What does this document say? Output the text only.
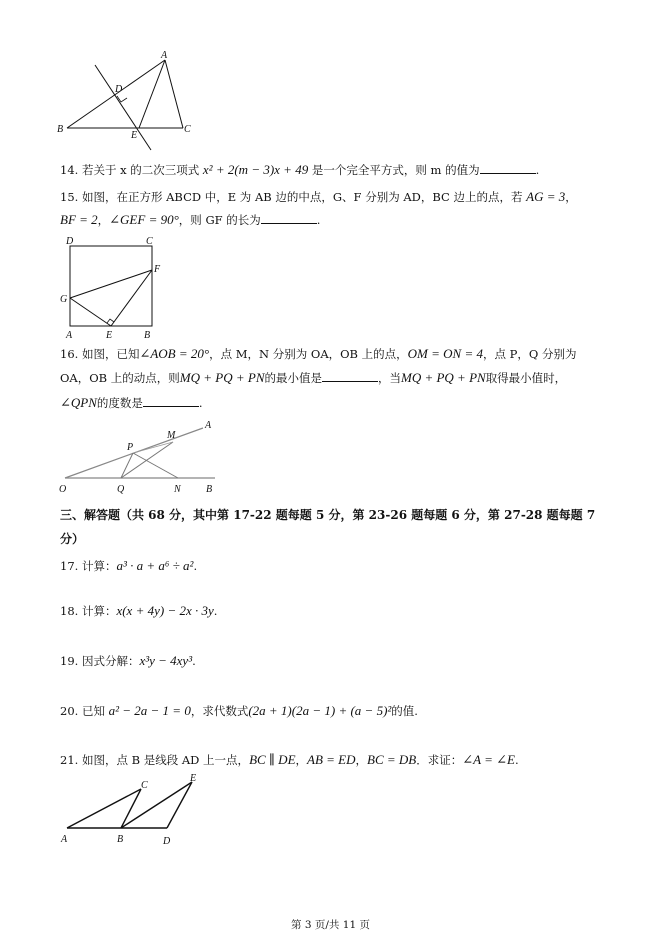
A
B	C
D
E
14. 若关于 x 的二次三项式 x² + 2(m − 3)x + 49 是一个完全平方式，则 m 的值为	.
15. 如图，在正方形 ABCD 中，E 为 AB 边的中点，G、F 分别为 AD，BC 边上的点，若 AG = 3，
BF = 2，∠GEF = 90°，则 GF 的长为	.
D	C
F
G
A	E	B
16. 如图，已知∠AOB = 20°，点 M，N 分别为 OA，OB 上的点，OM = ON = 4，点 P，Q 分别为
OA，OB 上的动点，则MQ + PQ + PN的最小值是	，当MQ + PQ + PN取得最小值时，
∠QPN的度数是	.
O	Q	N	B
P
M
A
三、解答题（共 68 分，其中第 17-22 题每题 5 分，第 23-26 题每题 6 分，第 27-28 题每题 7
分）
17. 计算：a³ · a + a⁶ ÷ a².
18. 计算：x(x + 4y) − 2x · 3y.
19. 因式分解：x³y − 4xy³.
20. 已知 a² − 2a − 1 = 0，求代数式(2a + 1)(2a − 1) + (a − 5)²的值.
21. 如图，点 B 是线段 AD 上一点，BC ∥ DE，AB = ED，BC = DB．求证：∠A = ∠E.
A	B
C
D
E
第 3 页/共 11 页
